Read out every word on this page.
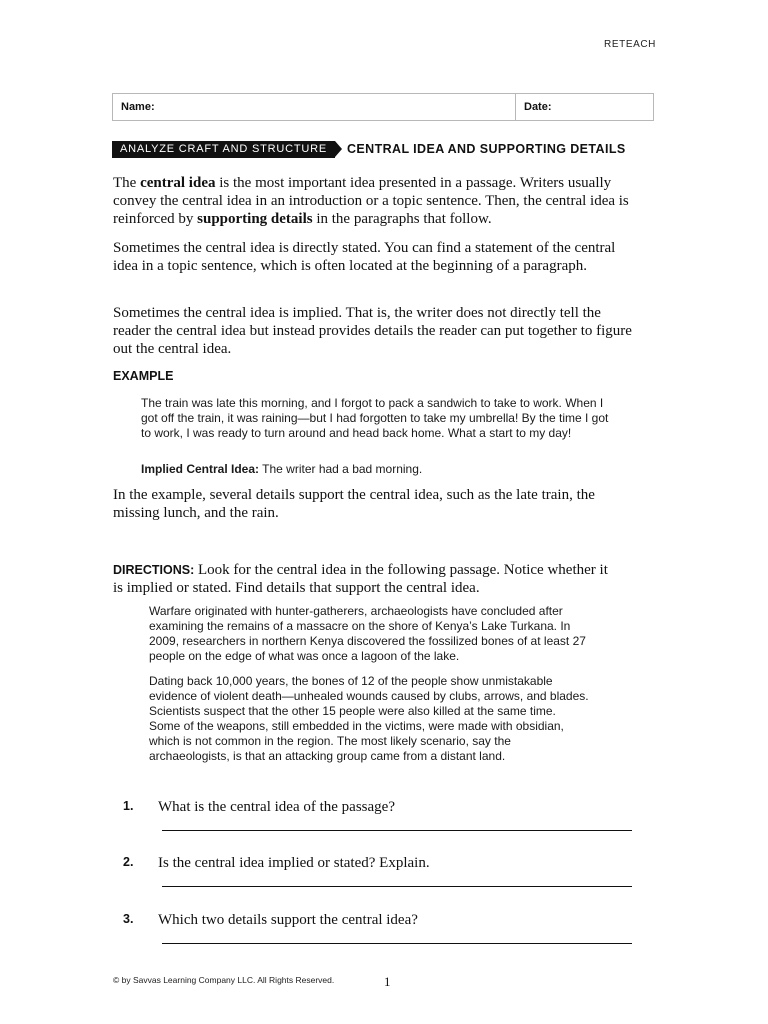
RETEACH
Name:	Date:
ANALYZE CRAFT AND STRUCTURE	CENTRAL IDEA AND SUPPORTING DETAILS

The central idea is the most important idea presented in a passage. Writers usually convey the central idea in an introduction or a topic sentence. Then, the central idea is reinforced by supporting details in the paragraphs that follow.

Sometimes the central idea is directly stated. You can find a statement of the central idea in a topic sentence, which is often located at the beginning of a paragraph.

Sometimes the central idea is implied. That is, the writer does not directly tell the reader the central idea but instead provides details the reader can put together to figure out the central idea.

EXAMPLE

The train was late this morning, and I forgot to pack a sandwich to take to work. When I got off the train, it was raining—but I had forgotten to take my umbrella! By the time I got to work, I was ready to turn around and head back home. What a start to my day!

Implied Central Idea: The writer had a bad morning.

In the example, several details support the central idea, such as the late train, the missing lunch, and the rain.

DIRECTIONS: Look for the central idea in the following passage. Notice whether it is implied or stated. Find details that support the central idea.

Warfare originated with hunter-gatherers, archaeologists have concluded after examining the remains of a massacre on the shore of Kenya’s Lake Turkana. In 2009, researchers in northern Kenya discovered the fossilized bones of at least 27 people on the edge of what was once a lagoon of the lake.

Dating back 10,000 years, the bones of 12 of the people show unmistakable evidence of violent death—unhealed wounds caused by clubs, arrows, and blades. Scientists suspect that the other 15 people were also killed at the same time. Some of the weapons, still embedded in the victims, were made with obsidian, which is not common in the region. The most likely scenario, say the archaeologists, is that an attacking group came from a distant land.

1. What is the central idea of the passage?
2. Is the central idea implied or stated? Explain.
3. Which two details support the central idea?
© by Savvas Learning Company LLC. All Rights Reserved.	1
